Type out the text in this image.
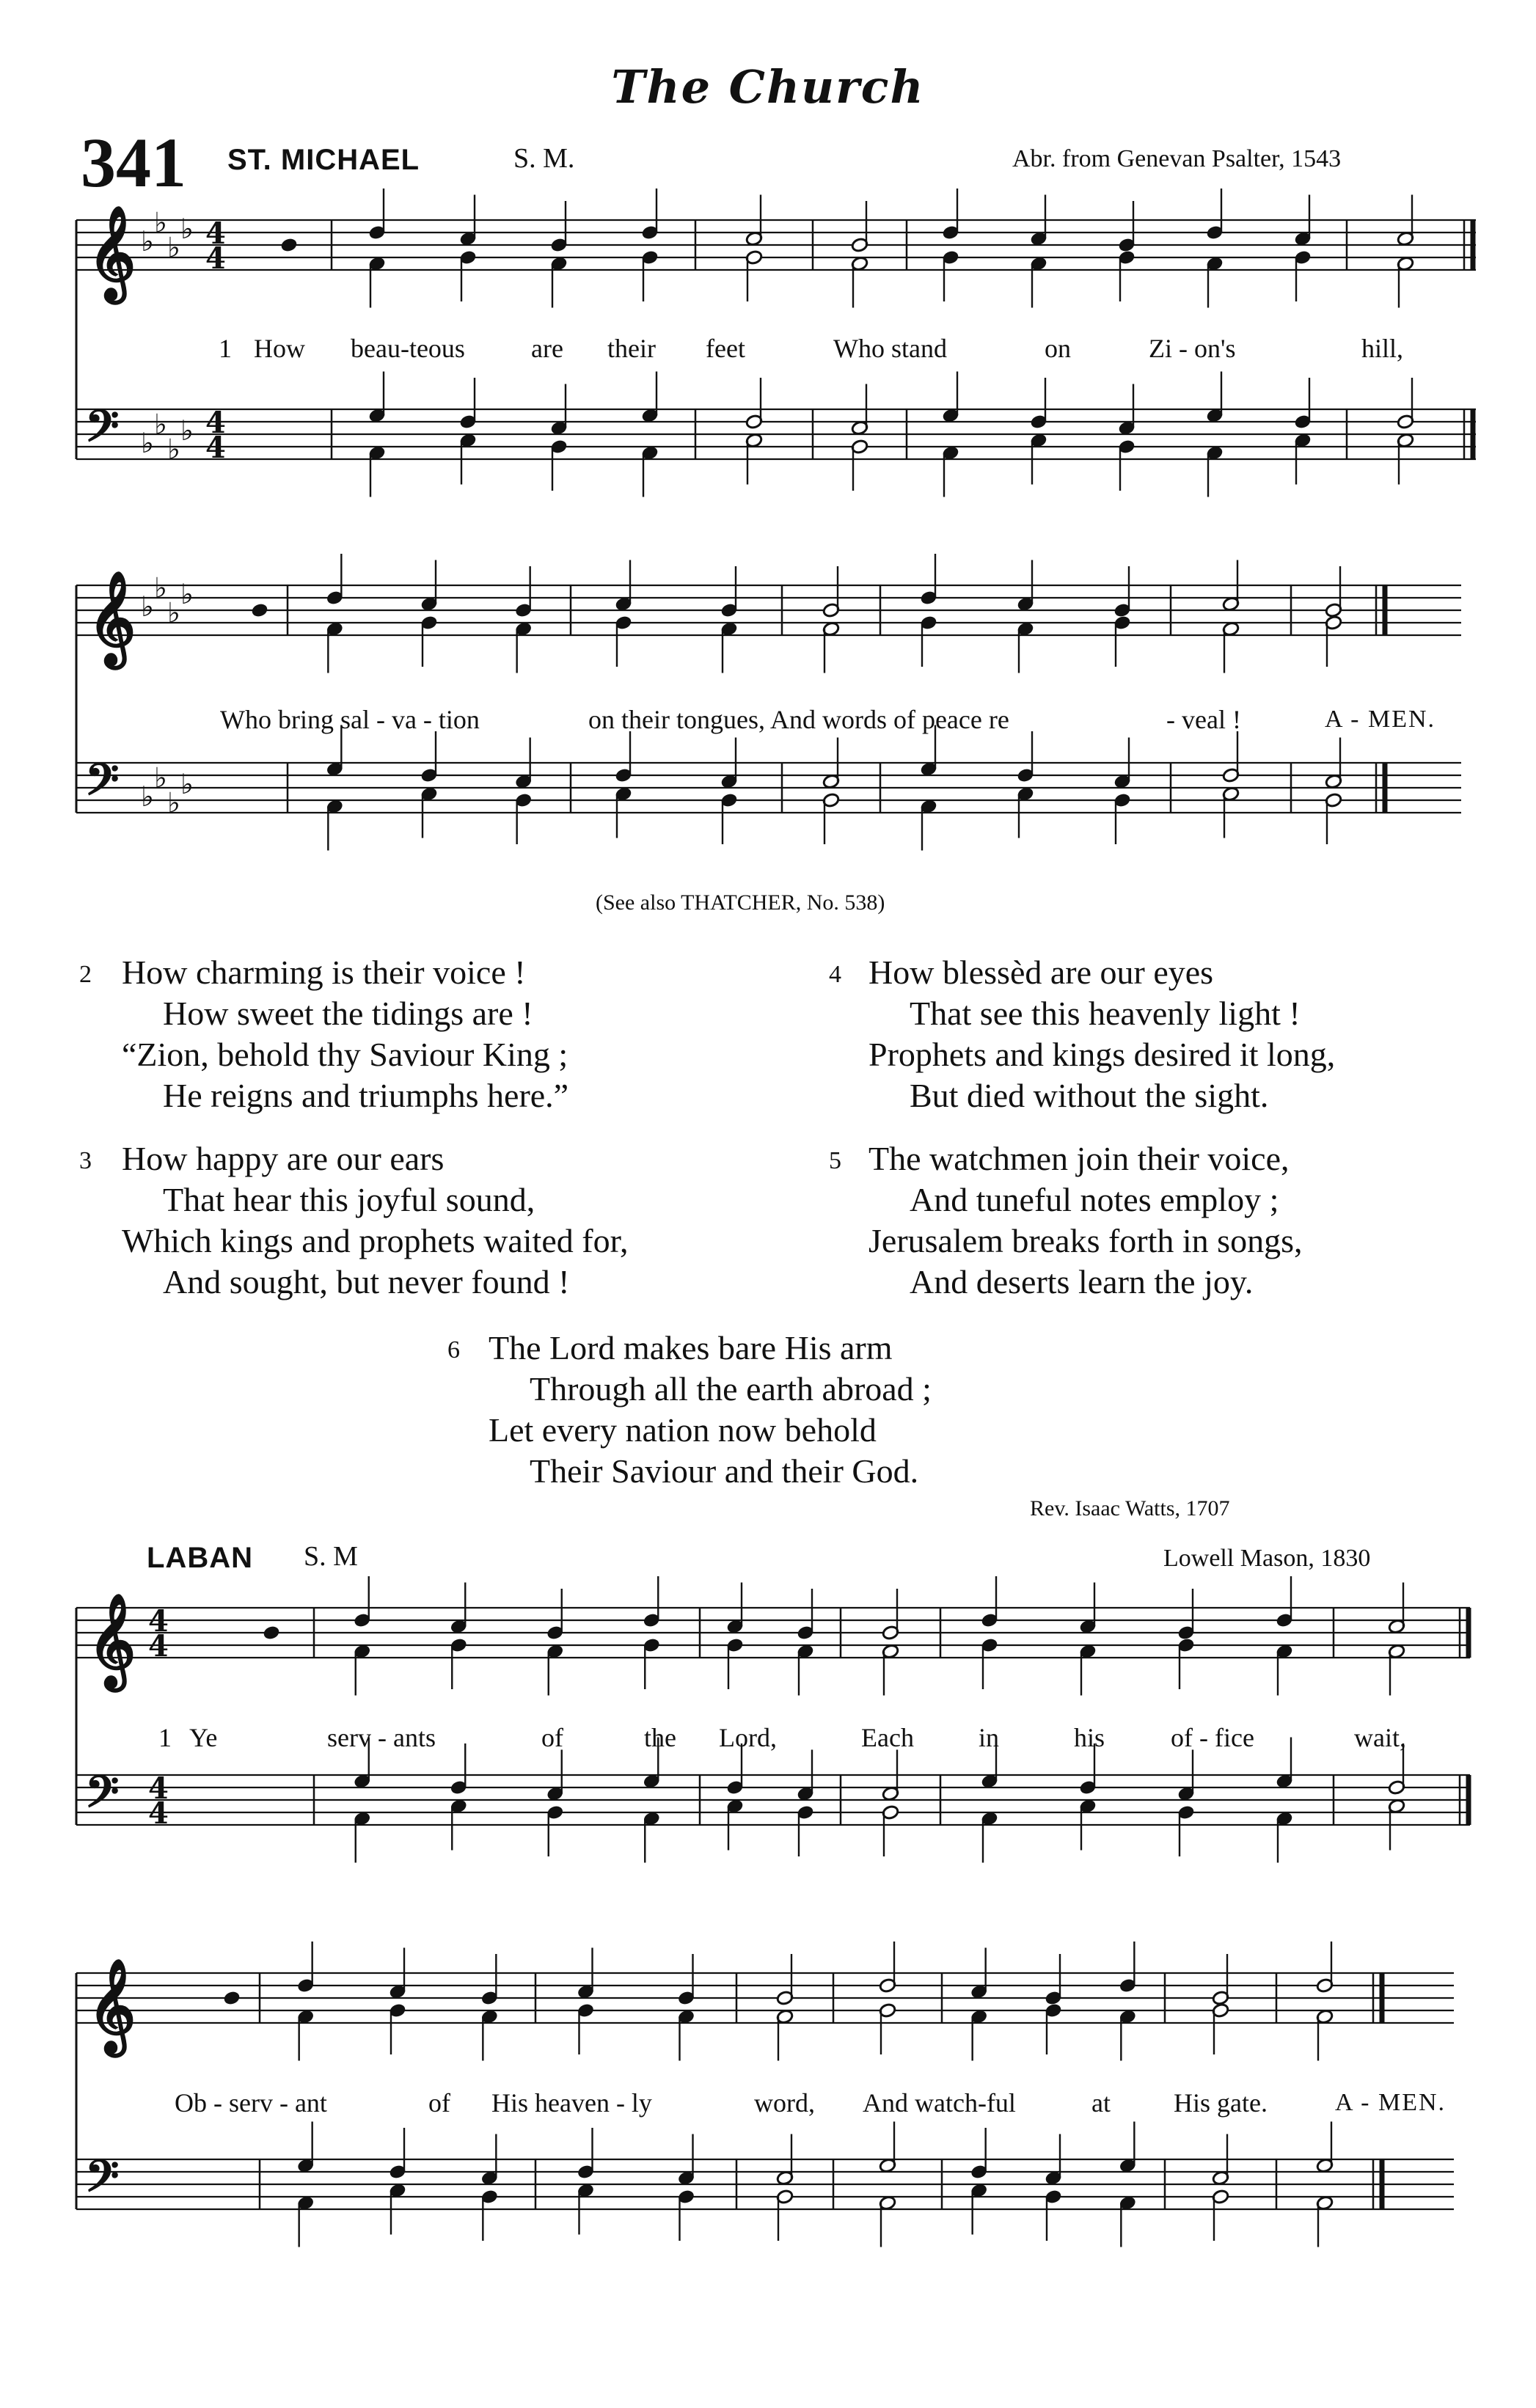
The Church
341 ST. MICHAEL	S. M.	Abr. from Genevan Psalter, 1543
𝄞
𝄢
♭
♭
♭
♭
♭
♭
♭
♭
4
4
4
4
𝄞
𝄢
♭
♭
♭
♭
♭
♭
♭
♭
𝄞
𝄢
4
4
4
4
𝄞
𝄢
1 How beau-teous	are their feet	Who stand	on	Zi - on's	hill,
Who bring sal - va - tion	on their tongues, And words of peace re	- veal !	A - MEN.
(See also THATCHER, No. 538)
2 How charming is their voice !
How sweet the tidings are !
“Zion, behold thy Saviour King ;
He reigns and triumphs here.”
3 How happy are our ears
That hear this joyful sound,
Which kings and prophets waited for,
And sought, but never found !
4 How blessèd are our eyes
That see this heavenly light !
Prophets and kings desired it long,
But died without the sight.
5 The watchmen join their voice,
And tuneful notes employ ;
Jerusalem breaks forth in songs,
And deserts learn the joy.
6 The Lord makes bare His arm
Through all the earth abroad ;
Let every nation now behold
Their Saviour and their God.
Rev. Isaac Watts, 1707
LABAN S. M	Lowell Mason, 1830
1 Ye	serv - ants	of	the Lord,	Each in	his of - fice	wait,
Ob - serv - ant	of His heaven - ly	word, And watch-ful	at His gate.	A - MEN.
